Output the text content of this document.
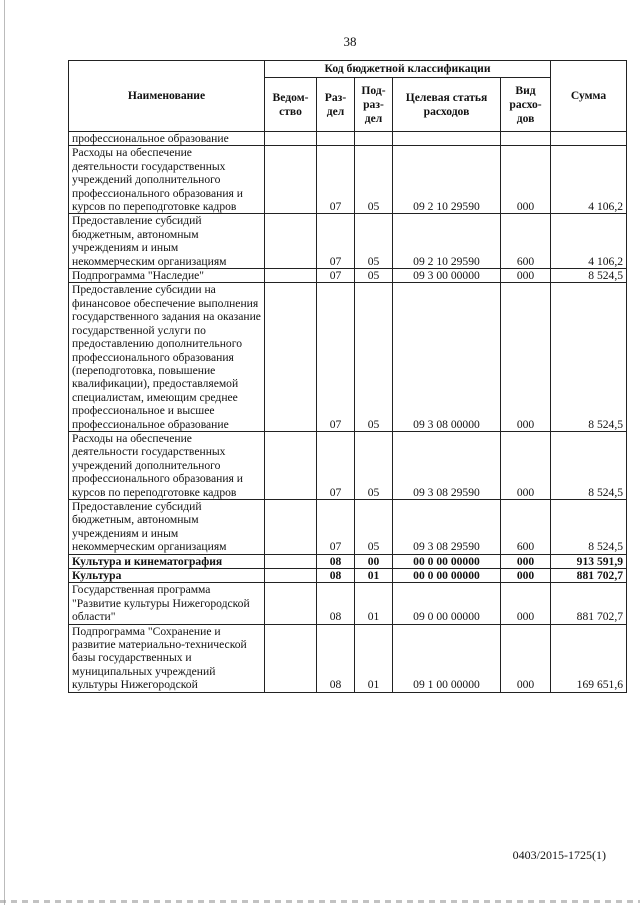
38
Наименование	Код бюджетной классификации					Сумма
	Ведом-ство	Раз-дел	Под-раз-дел	Целевая статья расходов	Вид расхо-дов	
профессиональное образование						
Расходы на обеспечение деятельности государственных учреждений дополнительного профессионального образования и курсов по переподготовке кадров		07	05	09 2 10 29590	000	4 106,2
Предоставление субсидий бюджетным, автономным учреждениям и иным некоммерческим организациям		07	05	09 2 10 29590	600	4 106,2
Подпрограмма "Наследие"		07	05	09 3 00 00000	000	8 524,5
Предоставление субсидии на финансовое обеспечение выполнения государственного задания на оказание государственной услуги по предоставлению дополнительного профессионального образования (переподготовка, повышение квалификации), предоставляемой специалистам, имеющим среднее профессиональное и высшее профессиональное образование		07	05	09 3 08 00000	000	8 524,5
Расходы на обеспечение деятельности государственных учреждений дополнительного профессионального образования и курсов по переподготовке кадров		07	05	09 3 08 29590	000	8 524,5
Предоставление субсидий бюджетным, автономным учреждениям и иным некоммерческим организациям		07	05	09 3 08 29590	600	8 524,5
Культура и кинематография		08	00	00 0 00 00000	000	913 591,9
Культура		08	01	00 0 00 00000	000	881 702,7
Государственная программа "Развитие культуры Нижегородской области"		08	01	09 0 00 00000	000	881 702,7
Подпрограмма "Сохранение и развитие материально-технической базы государственных и муниципальных учреждений культуры Нижегородской		08	01	09 1 00 00000	000	169 651,6
0403/2015-1725(1)
